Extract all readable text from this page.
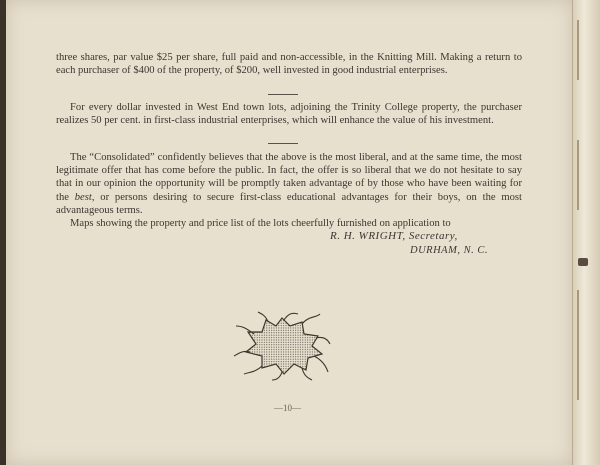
three shares, par value $25 per share, full paid and non-accessible, in the Knitting Mill. Making a return to each purchaser of $400 of the property, of $200, well invested in good industrial enterprises.

For every dollar invested in West End town lots, adjoining the Trinity College property, the purchaser realizes 50 per cent. in first-class industrial enterprises, which will enhance the value of his investment.

The “Consolidated” confidently believes that the above is the most liberal, and at the same time, the most legitimate offer that has come before the public. In fact, the offer is so liberal that we do not hesitate to say that in our opinion the opportunity will be promptly taken advantage of by those who have been waiting for the best, or persons desiring to secure first-class educational advantages for their boys, on the most advantageous terms.

Maps showing the property and price list of the lots cheerfully furnished on application to

R. H. WRIGHT, Secretary,
DURHAM, N. C.
—10—
